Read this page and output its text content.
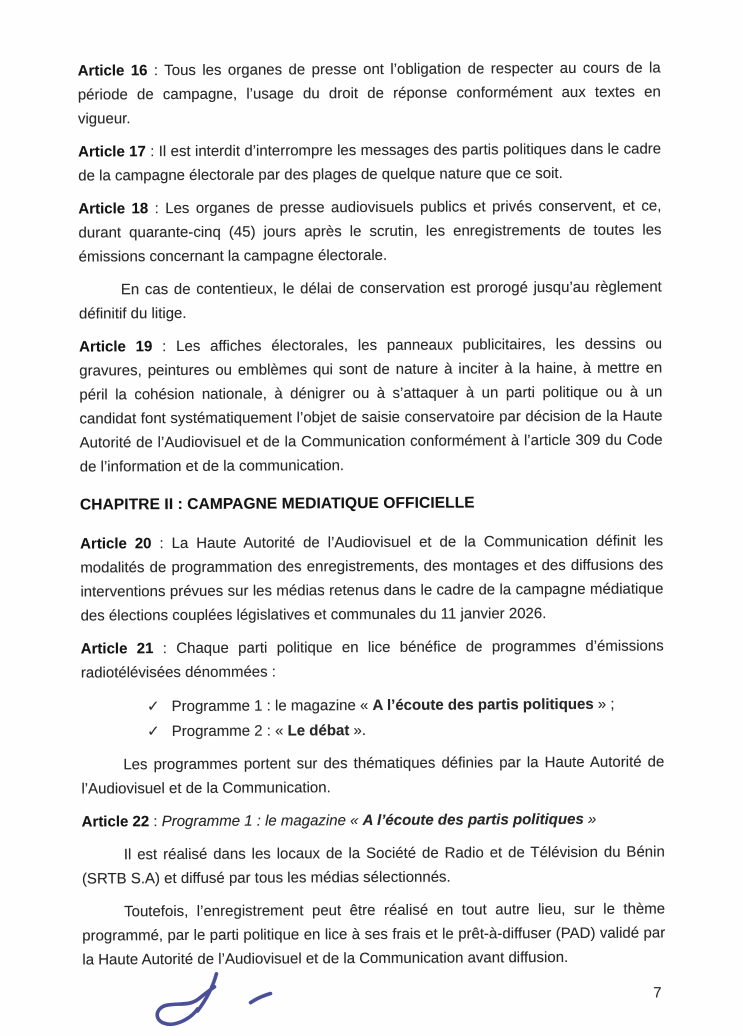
Article 16 : Tous les organes de presse ont l’obligation de respecter au cours de la période de campagne, l’usage du droit de réponse conformément aux textes en vigueur.

Article 17 : Il est interdit d’interrompre les messages des partis politiques dans le cadre de la campagne électorale par des plages de quelque nature que ce soit.

Article 18 : Les organes de presse audiovisuels publics et privés conservent, et ce, durant quarante-cinq (45) jours après le scrutin, les enregistrements de toutes les émissions concernant la campagne électorale.

En cas de contentieux, le délai de conservation est prorogé jusqu’au règlement définitif du litige.

Article 19 : Les affiches électorales, les panneaux publicitaires, les dessins ou gravures, peintures ou emblèmes qui sont de nature à inciter à la haine, à mettre en péril la cohésion nationale, à dénigrer ou à s’attaquer à un parti politique ou à un candidat font systématiquement l’objet de saisie conservatoire par décision de la Haute Autorité de l’Audiovisuel et de la Communication conformément à l’article 309 du Code de l’information et de la communication.

CHAPITRE II : CAMPAGNE MEDIATIQUE OFFICIELLE

Article 20 : La Haute Autorité de l’Audiovisuel et de la Communication définit les modalités de programmation des enregistrements, des montages et des diffusions des interventions prévues sur les médias retenus dans le cadre de la campagne médiatique des élections couplées législatives et communales du 11 janvier 2026.

Article 21 : Chaque parti politique en lice bénéfice de programmes d’émissions radiotélévisées dénommées :

✓ Programme 1 : le magazine « A l’écoute des partis politiques » ;
✓ Programme 2 : « Le débat ».

Les programmes portent sur des thématiques définies par la Haute Autorité de l’Audiovisuel et de la Communication.

Article 22 : Programme 1 : le magazine « A l’écoute des partis politiques »

Il est réalisé dans les locaux de la Société de Radio et de Télévision du Bénin (SRTB S.A) et diffusé par tous les médias sélectionnés.

Toutefois, l’enregistrement peut être réalisé en tout autre lieu, sur le thème programmé, par le parti politique en lice à ses frais et le prêt-à-diffuser (PAD) validé par la Haute Autorité de l’Audiovisuel et de la Communication avant diffusion.

7
